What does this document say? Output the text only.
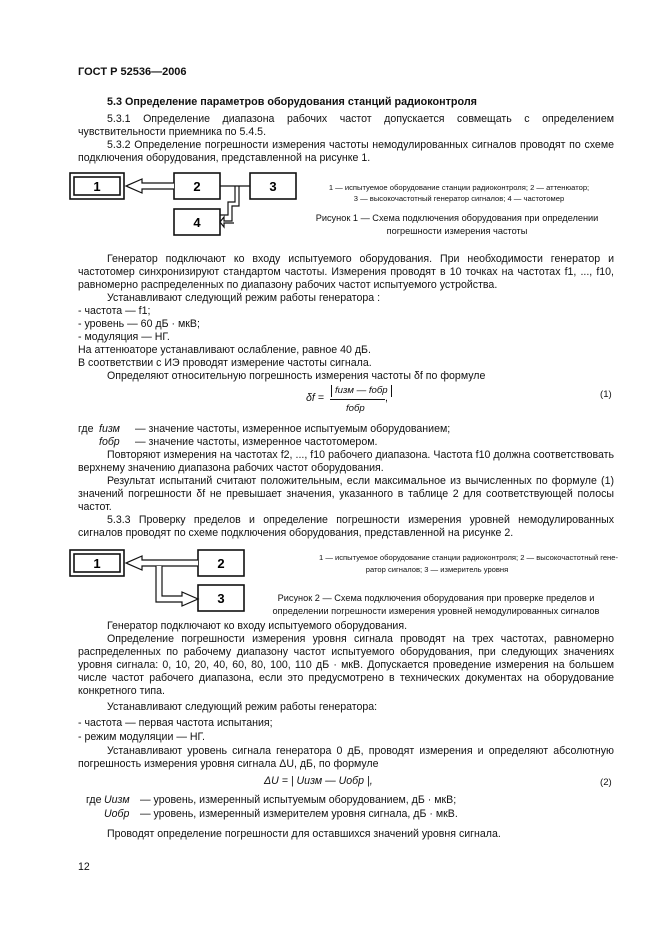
ГОСТ Р 52536—2006
5.3 Определение параметров оборудования станций радиоконтроля
5.3.1 Определение диапазона рабочих частот допускается совмещать с определением чувствительности приемника по 5.4.5.
5.3.2 Определение погрешности измерения частоты немодулированных сигналов проводят по схеме подключения оборудования, представленной на рисунке 1.
1	2	3
4
1 — испытуемое оборудование станции радиоконтроля; 2 — аттенюатор;
3 — высокочастотный генератор сигналов; 4 — частотомер
Рисунок 1 — Схема подключения оборудования при определении
погрешности измерения частоты
Генератор подключают ко входу испытуемого оборудования. При необходимости генератор и частотомер синхронизируют стандартом частоты. Измерения проводят в 10 точках на частотах f1, ..., f10, равномерно распределенных по диапазону рабочих частот испытуемого устройства.
Устанавливают следующий режим работы генератора :
- частота — f1;
- уровень — 60 дБ · мкВ;
- модуляция — НГ.
На аттенюаторе устанавливают ослабление, равное 40 дБ.
В соответствии с ИЭ проводят измерение частоты сигнала.
Определяют относительную погрешность измерения частоты δf по формуле
δf =
fизм — fобр
fобр
,	(1)
где fизм — значение частоты, измеренное испытуемым оборудованием;
fобр — значение частоты, измеренное частотомером.
Повторяют измерения на частотах f2, ..., f10 рабочего диапазона. Частота f10 должна соответствовать верхнему значению диапазона рабочих частот оборудования.
Результат испытаний считают положительным, если максимальное из вычисленных по формуле (1) значений погрешности δf не превышает значения, указанного в таблице 2 для соответствующей полосы частот.
5.3.3 Проверку пределов и определение погрешности измерения уровней немодулированных сигналов проводят по схеме подключения оборудования, представленной на рисунке 2.
1	2
3
1 — испытуемое оборудование станции радиоконтроля; 2 — высокочастотный гене-
ратор сигналов; 3 — измеритель уровня
Рисунок 2 — Схема подключения оборудования при проверке пределов и
определении погрешности измерения уровней немодулированных сигналов
Генератор подключают ко входу испытуемого оборудования.
Определение погрешности измерения уровня сигнала проводят на трех частотах, равномерно распределенных по рабочему диапазону частот испытуемого оборудования, при следующих значениях уровня сигнала: 0, 10, 20, 40, 60, 80, 100, 110 дБ · мкВ. Допускается проведение измерения на большем числе частот рабочего диапазона, если это предусмотрено в технических документах на оборудование конкретного типа.
Устанавливают следующий режим работы генератора:
- частота — первая частота испытания;
- режим модуляции — НГ.
Устанавливают уровень сигнала генератора 0 дБ, проводят измерения и определяют абсолютную погрешность измерения уровня сигнала ΔU, дБ, по формуле
ΔU = | Uизм — Uобр |,	(2)
где Uизм — уровень, измеренный испытуемым оборудованием, дБ · мкВ;
Uобр — уровень, измеренный измерителем уровня сигнала, дБ · мкВ.
Проводят определение погрешности для оставшихся значений уровня сигнала.
12
